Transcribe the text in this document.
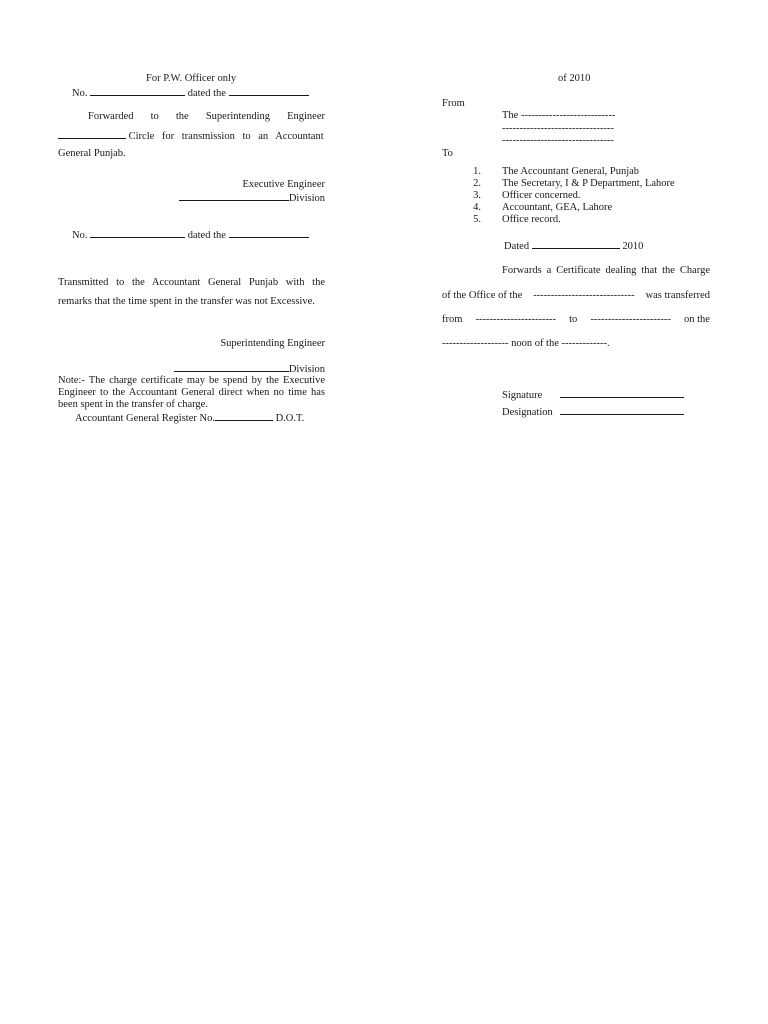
For P.W. Officer only
No.	dated the
Forwarded to the Superintending Engineer
Circle for transmission to an Accountant
General Punjab.
Executive Engineer
Division
No.	dated the
Transmitted to the Accountant General Punjab with the
remarks that the time spent in the transfer was not Excessive.
Superintending Engineer
Division
Note:- The charge certificate may be spend by the Executive
Engineer to the Accountant General direct when no time has
been spent in the transfer of charge.
Accountant General Register No.	D.O.T.
of 2010
From
The ---------------------------
--------------------------------
--------------------------------
To
1. The Accountant General, Punjab
2. The Secretary, I & P Department, Lahore
3. Officer concerned.
4. Accountant, GEA, Lahore
5. Office record.
Dated	2010
Forwards a Certificate dealing that the Charge
of the Office of the ----------------------------- was transferred
from ----------------------- to ----------------------- on the
------------------- noon of the -------------.
Signature
Designation
